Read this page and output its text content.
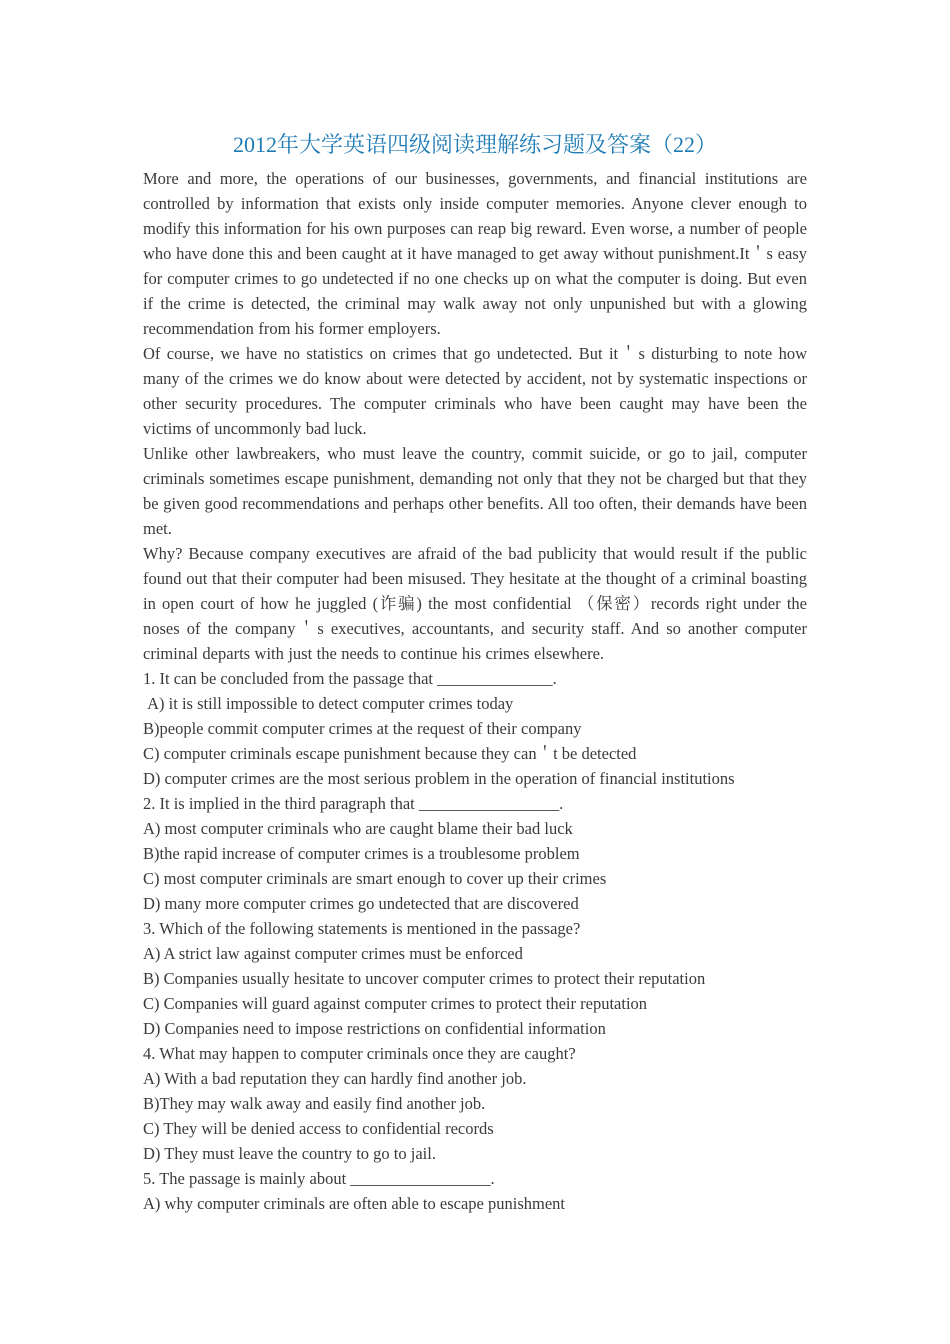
2012年大学英语四级阅读理解练习题及答案（22）

More and more, the operations of our businesses, governments, and financial institutions are controlled by information that exists only inside computer memories. Anyone clever enough to modify this information for his own purposes can reap big reward. Even worse, a number of people who have done this and been caught at it have managed to get away without punishment.It＇s easy for computer crimes to go undetected if no one checks up on what the computer is doing. But even if the crime is detected, the criminal may walk away not only unpunished but with a glowing recommendation from his former employers.

Of course, we have no statistics on crimes that go undetected. But it＇s disturbing to note how many of the crimes we do know about were detected by accident, not by systematic inspections or other security procedures. The computer criminals who have been caught may have been the victims of uncommonly bad luck.

Unlike other lawbreakers, who must leave the country, commit suicide, or go to jail, computer criminals sometimes escape punishment, demanding not only that they not be charged but that they be given good recommendations and perhaps other benefits. All too often, their demands have been met.

Why? Because company executives are afraid of the bad publicity that would result if the public found out that their computer had been misused. They hesitate at the thought of a criminal boasting in open court of how he juggled (诈骗) the most confidential （保密）records right under the noses of the company＇s executives, accountants, and security staff. And so another computer criminal departs with just the needs to continue his crimes elsewhere.

1. It can be concluded from the passage that ______________.

A) it is still impossible to detect computer crimes today

B)people commit computer crimes at the request of their company

C) computer criminals escape punishment because they can＇t be detected

D) computer crimes are the most serious problem in the operation of financial institutions

2. It is implied in the third paragraph that _________________.

A) most computer criminals who are caught blame their bad luck

B)the rapid increase of computer crimes is a troublesome problem

C) most computer criminals are smart enough to cover up their crimes

D) many more computer crimes go undetected that are discovered

3. Which of the following statements is mentioned in the passage?

A) A strict law against computer crimes must be enforced

B) Companies usually hesitate to uncover computer crimes to protect their reputation

C) Companies will guard against computer crimes to protect their reputation

D) Companies need to impose restrictions on confidential information

4. What may happen to computer criminals once they are caught?

A) With a bad reputation they can hardly find another job.

B)They may walk away and easily find another job.

C) They will be denied access to confidential records

D) They must leave the country to go to jail.

5. The passage is mainly about _________________.

A) why computer criminals are often able to escape punishment
